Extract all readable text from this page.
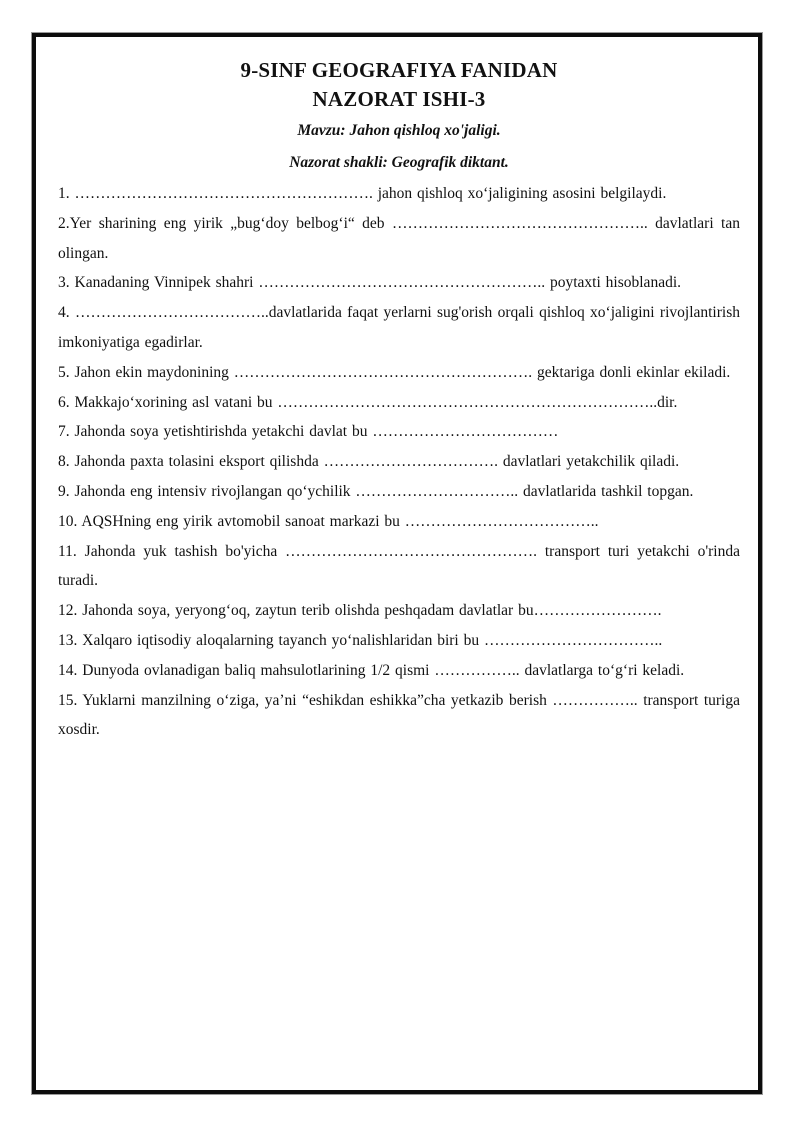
9-SINF GEOGRAFIYA FANIDAN

NAZORAT ISHI-3

Mavzu: Jahon qishloq xo'jaligi.

Nazorat shakli: Geografik diktant.

1. …………………………………………………. jahon qishloq xoʻjaligining asosini belgilaydi.

2.Yer sharining eng yirik „bugʻdoy belbogʻi“ deb ………………………………………….. davlatlari tan olingan.

3. Kanadaning Vinnipek shahri ……………………………………………….. poytaxti hisoblanadi.

4. ………………………………..davlatlarida faqat yerlarni sug'orish orqali qishloq xoʻjaligini rivojlantirish imkoniyatiga egadirlar.

5. Jahon ekin maydonining …………………………………………………. gektariga donli ekinlar ekiladi.

6. Makkajoʻxorining asl vatani bu ………………………………………………………………..dir.

7. Jahonda soya yetishtirishda yetakchi davlat bu ………………………………

8. Jahonda paxta tolasini eksport qilishda ……………………………. davlatlari yetakchilik qiladi.

9. Jahonda eng intensiv rivojlangan qoʻychilik ………………………….. davlatlarida tashkil topgan.

10. AQSHning eng yirik avtomobil sanoat markazi bu ………………………………..

11. Jahonda yuk tashish bo'yicha …………………………………………. transport turi yetakchi o'rinda turadi.

12. Jahonda soya, yeryongʻoq, zaytun terib olishda peshqadam davlatlar bu…………………….

13. Xalqaro iqtisodiy aloqalarning tayanch yoʻnalishlaridan biri bu ……………………………..

14. Dunyoda ovlanadigan baliq mahsulotlarining 1/2 qismi …………….. davlatlarga toʻgʻri keladi.

15. Yuklarni manzilning oʻziga, ya’ni “eshikdan eshikka”cha yetkazib berish …………….. transport turiga xosdir.
